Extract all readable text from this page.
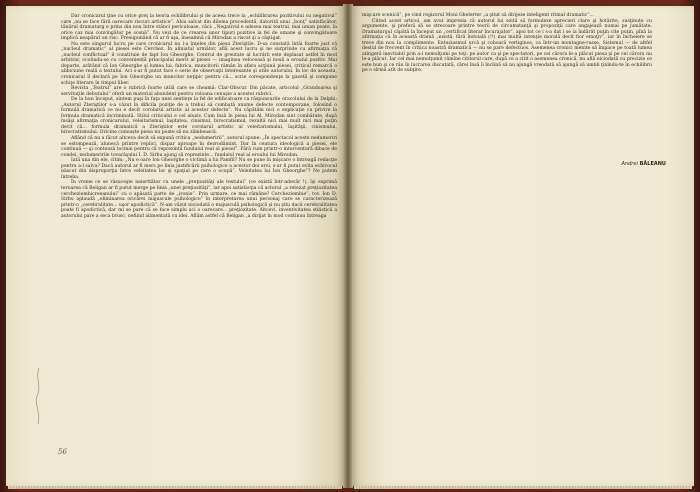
Dar cronicarul ţine cu orice preţ la teoria echilibrului şi de aceea trece la „echilibrarea pozitivului cu negativul” care „nu se face fără oarecare riscuri artistice”. Abia salvat din dilema precedentă, datorită unui „bonţ” satisfăcător, tânărul dramaturg e prins din nou între stânci periculoase, căci: „Negativul e adesea mai teatral, mai uman poate, la orice caz mai convingător pe scenă”. Nu vezi de ce crearea unor tipuri pozitive ia fel de umane şi convingătoare implică neapărat un risc. Presupunând că ar fi aşa, înseamnă că Mirodan a riscat şi a câştigat.

Nu este singurul lucru pe care cronicarul nu l-a înţeles din piesa Zteriştile. D-sa constată întâi foarte just că „nucleul dramatic” al piesei este Cerchez. În aliniatul următor, află acest lucru şi ne surprinde cu afirmaţia că „nucleul conflictual” il constituie de fapt Ion Gheorghe. Centrul de greutate al lucrării este deplasat astfel în mod arbitrar, ocolindu-se cu conveniență principalul merit al piesei — imaginea veloceasă şi nouă a eroului pozitiv. Mai departe, arătând că Ion Gheorghe şi lumea lui, fabrica, muncitorii rămân în afara acţiunii piesei, criticul remarcă o alibiciune reală a textului. Aci s-ar fi putut face o serie de observaţii interesante şi utile autorului. În loc de aceasta, cronicarul îl declară pe Ion Gheorghe un muncitor neţipic pentru că... scrie corespondenţe la gazetă şi compune schiţe literare în timpul liber.

Revista „Teatrul” are o rubrică foarte utilă care se cheamă: Clar-Obscur. Din păcate, articolul „Grandoarea şi servituţile debutului” oferă un material abundent pentru coloana cenuşie a acestei rubrici.

De la bun început, sintem puşi în faţa unei sentinţe la fel de edificatoare ca răspunsurile oracolului de la Delphi: „Autorul Zteriştilor s-a văzut în dificila poziţie de a trebui să combată anume defecte contemporane, folosind o formulă dramatică ce nu e decit corolarul artistic al acestor defecte”. Nu căpătăm nici o explicaţie cu privire la formula dramatică incriminată. Stilul criticului e cel aluziv. Cum însă în piesa lui Al. Mirodan sint combătute, după însăşi afirmaţia cronicarului, veleitarismul, laşitatea, cinismul, birocratismul, rezultă nici mai mult nici mai puţin decit că... formula dramatică a Zteriştilor este corolarul artistic al veleitarismului, laşităţii, cinismului, birocratismului. Oricine cunoaşte piesa nu poate să nu zâmbească.

Aflând că nu a făcut altceva decit să expună critica „nedumeririi”, autorul spune: „În spectacol aceste nedumeriri se estompează, alunecă printre replici, dispar aproape în dezrodămint. Dar în ceatura ideologică a piesei, ele continuă — şi contează tocmai pentru că reprezintă fundalul real al piesei”. Fără cum printr-o interventură dibace de condei, nedumeririle tovarăşului I. D. Sirbu ajung să reprezinte... fundalul real al eroului lui Mirodan.

Iată una din ele, citim: „Nu e oare Ion Gheorghe o victimă a lui Pamfil? Nu se pune în mişcare o întreagă redacţie pentru a-l salva? Dacă autorul ar fi mers pe linia justificării psihologice a acestor doi eroi, s-ar fi putut evita echivocul născut din disproporţia între veleitatea lor şi spaţiul pe care o ocupă”. Veleitatea lui Ion Gheorghe”? Ne putem întreba.

În vreme ce se răsuceşte neierttător cu unele „preţiozităţi ale textului” (ce există într-adevăr !), îşi exprimă teroarea că Beligan ar fi putut merge pe linia „unei preţiozităţi”, iar apoi satisfacţia că actorul „a retezat preţiozitatea cercheziembicreeanului” cu o apăsată parte de „ironie”. Prin urmare, ce mai rămâne? Cercheziembie”, tov. Ion D. Sirbu aplaudă „eliminarea oricărei majuscule psihologice” în interpretarea unui personaj care se caracterizează printr-o „cerebralitate... uşor apodictică”. N-am văzut niciodată o majusculă psihologică şi nu ştiu dacă cerebralitatea poate fi apodictică, dar mi se pare că se face simplu aci o oarecare... preţiozitate. Altcevi, inventivitatea stilistică a autorului pare a seca brusc, nefiind alimentată cu idei. Aflăm astfel că Beligan „a dirijat în mod continuu întreaga

56

mişcare scenică”, pe cind regizorul Moni Ghelerter „a ştiut să dirijeze inteligent ritmul dramatic”...

Citind acest articol, am avut impresia că autorul lui ezită să formuleze aprecieri clare şi hotărite, susţinute cu argumente, şi preferă să se strecoare printre teorii de circumstanţă şi propoziţii care angajează numai pe jumătate. Dramaturgul căpătă la început un „certificat literar încurajator”, apoi tot ce i s-a dat i se ia îndărăt puţin cite puţin, pînă la afirmaţia că în această dramă „există, fără îndoială (!!) mai multă intenţie morală decit fior emoţiv”, iar în încheiere se trece din nou la complimente. Entuziasmul urcă şi coboară vertiginos, ca într-un montagne-russe. Sistemul — de altfel destul de frecvent în critica noastră dramatică — nu se pare defectuos. Asemenea cronici menite să împace pe toată lumea atingeră inevitabil prin a-i nemulţumi pe toţi: pe autor ca şi pe spectatori, pe cei cărora le-a plăcut piesa şi pe cei cărora nu le-a plăcut. Iar cel mai nemulţumit rămîne cititorul care, după ce a citit o asemenea cronică, nu află niciodată cu precizie ce este bun şi ce rău în lucrarea discutată, cărei însă îi înclină să nu ajungă vreodată să ajungă să umbli ţinîndu-te în echilibru pe o sîrmă atît de subţire.

Andrei BĂLEANU
